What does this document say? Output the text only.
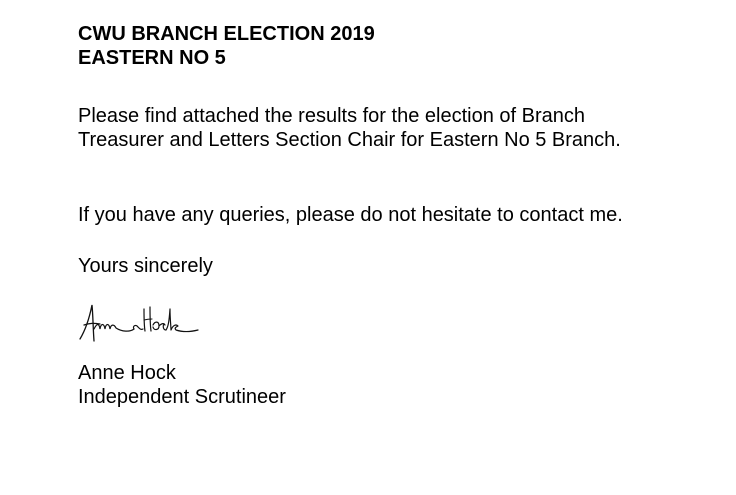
CWU BRANCH ELECTION 2019

EASTERN NO 5

Please find attached the results for the election of Branch

Treasurer and Letters Section Chair for Eastern No 5 Branch.

If you have any queries, please do not hesitate to contact me.

Yours sincerely

Anne Hock

Independent Scrutineer
